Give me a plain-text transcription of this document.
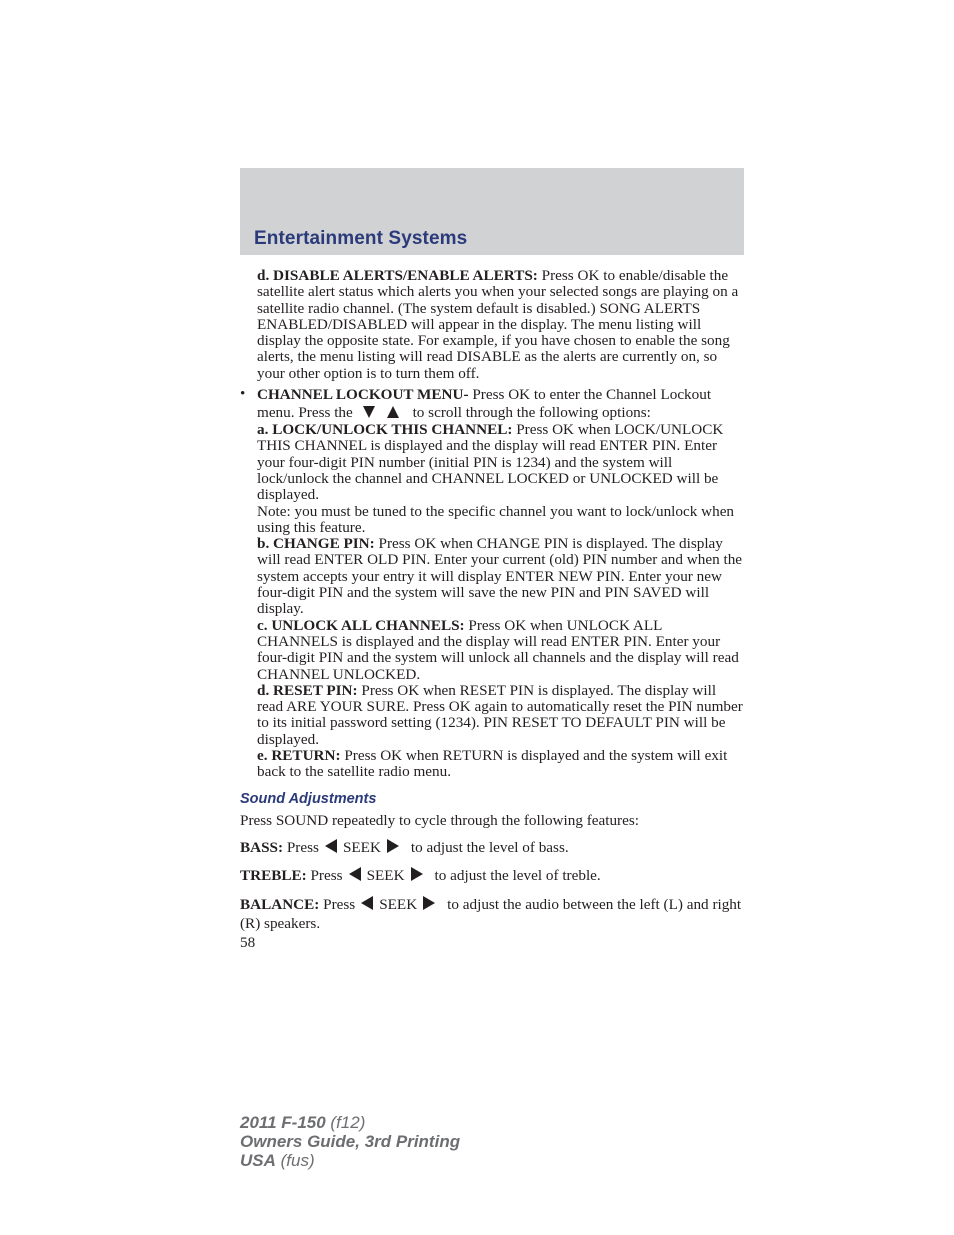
Entertainment Systems

d. DISABLE ALERTS/ENABLE ALERTS: Press OK to enable/disable the satellite alert status which alerts you when your selected songs are playing on a satellite radio channel. (The system default is disabled.) SONG ALERTS ENABLED/DISABLED will appear in the display. The menu listing will display the opposite state. For example, if you have chosen to enable the song alerts, the menu listing will read DISABLE as the alerts are currently on, so your other option is to turn them off.

• CHANNEL LOCKOUT MENU- Press OK to enter the Channel Lockout menu. Press the	to scroll through the following options:

a. LOCK/UNLOCK THIS CHANNEL: Press OK when LOCK/UNLOCK THIS CHANNEL is displayed and the display will read ENTER PIN. Enter your four-digit PIN number (initial PIN is 1234) and the system will lock/unlock the channel and CHANNEL LOCKED or UNLOCKED will be displayed.

Note: you must be tuned to the specific channel you want to lock/unlock when using this feature.

b. CHANGE PIN: Press OK when CHANGE PIN is displayed. The display will read ENTER OLD PIN. Enter your current (old) PIN number and when the system accepts your entry it will display ENTER NEW PIN. Enter your new four-digit PIN and the system will save the new PIN and PIN SAVED will display.

c. UNLOCK ALL CHANNELS: Press OK when UNLOCK ALL CHANNELS is displayed and the display will read ENTER PIN. Enter your four-digit PIN and the system will unlock all channels and the display will read CHANNEL UNLOCKED.

d. RESET PIN: Press OK when RESET PIN is displayed. The display will read ARE YOUR SURE. Press OK again to automatically reset the PIN number to its initial password setting (1234). PIN RESET TO DEFAULT PIN will be displayed.

e. RETURN: Press OK when RETURN is displayed and the system will exit back to the satellite radio menu.

Sound Adjustments

Press SOUND repeatedly to cycle through the following features:

BASS: Press SEEK to adjust the level of bass.

TREBLE: Press SEEK to adjust the level of treble.

BALANCE: Press SEEK to adjust the audio between the left (L) and right (R) speakers.

58

2011 F-150 (f12)
Owners Guide, 3rd Printing
USA (fus)
